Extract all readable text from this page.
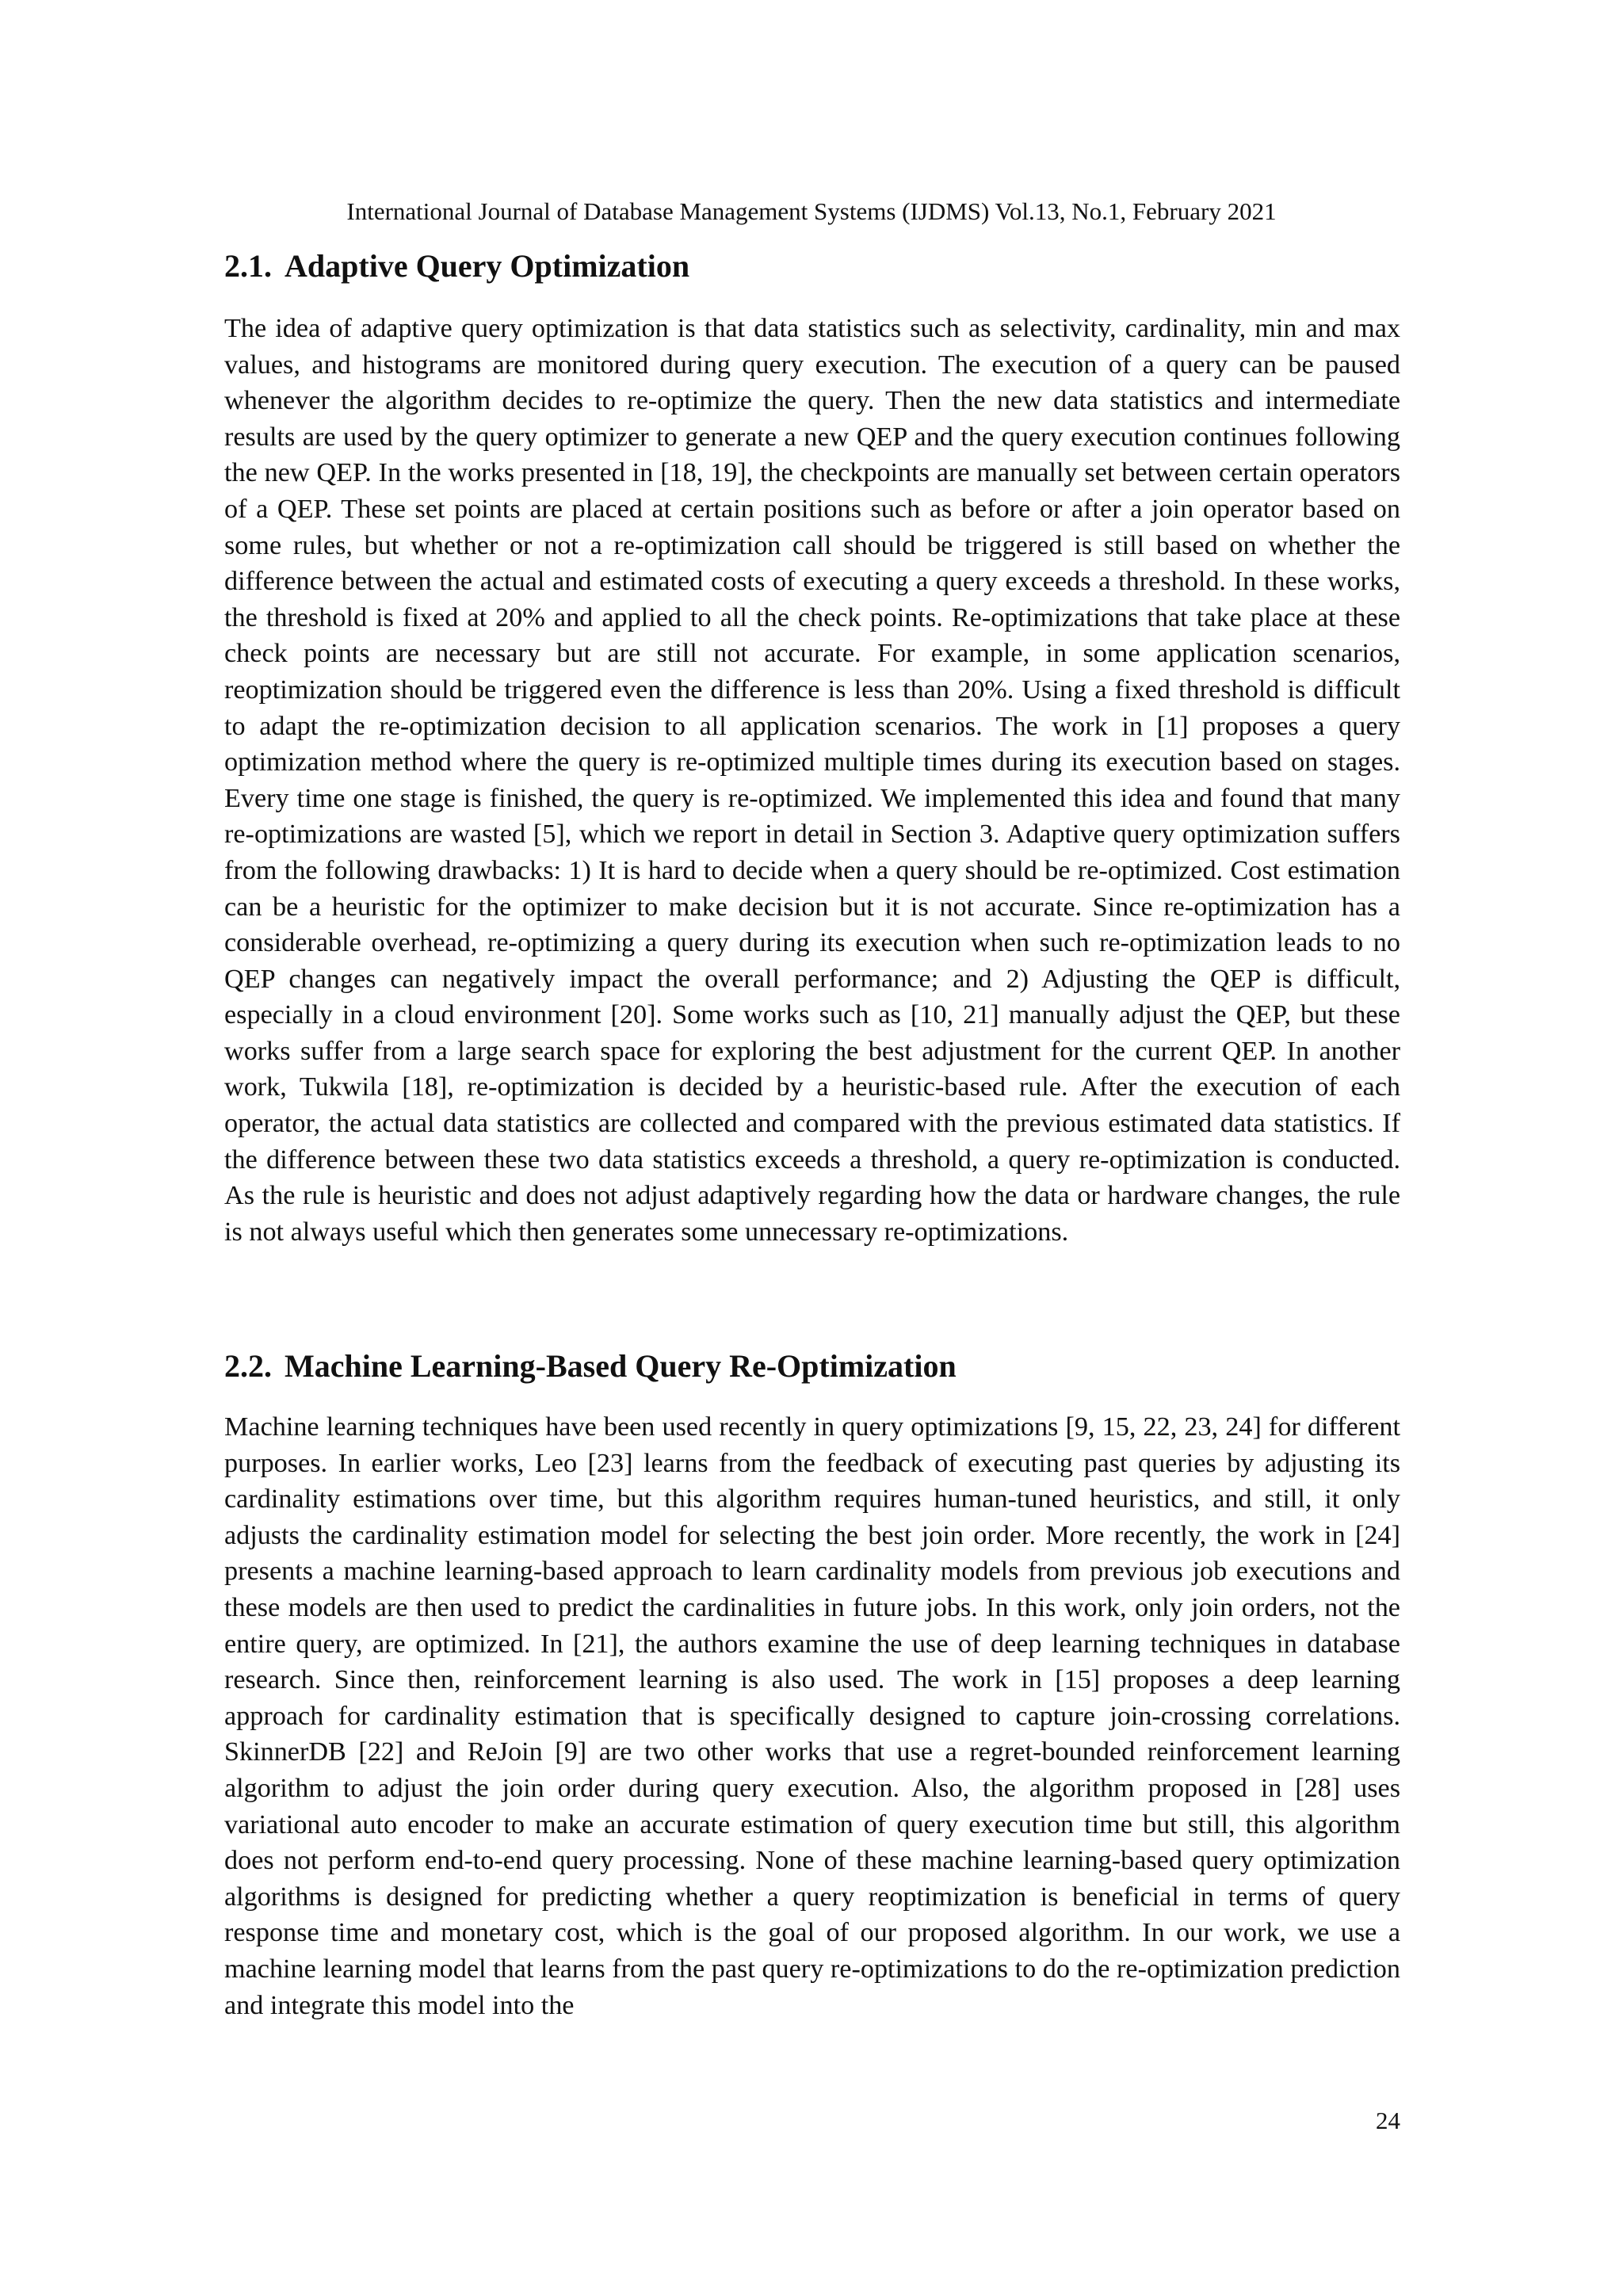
International Journal of Database Management Systems (IJDMS) Vol.13, No.1, February 2021
2.1. Adaptive Query Optimization

The idea of adaptive query optimization is that data statistics such as selectivity, cardinality, min and max values, and histograms are monitored during query execution. The execution of a query can be paused whenever the algorithm decides to re-optimize the query. Then the new data statistics and intermediate results are used by the query optimizer to generate a new QEP and the query execution continues following the new QEP. In the works presented in [18, 19], the checkpoints are manually set between certain operators of a QEP. These set points are placed at certain positions such as before or after a join operator based on some rules, but whether or not a re-optimization call should be triggered is still based on whether the difference between the actual and estimated costs of executing a query exceeds a threshold. In these works, the threshold is fixed at 20% and applied to all the check points. Re-optimizations that take place at these check points are necessary but are still not accurate. For example, in some application scenarios, reoptimization should be triggered even the difference is less than 20%. Using a fixed threshold is difficult to adapt the re-optimization decision to all application scenarios. The work in [1] proposes a query optimization method where the query is re-optimized multiple times during its execution based on stages. Every time one stage is finished, the query is re-optimized. We implemented this idea and found that many re-optimizations are wasted [5], which we report in detail in Section 3. Adaptive query optimization suffers from the following drawbacks: 1) It is hard to decide when a query should be re-optimized. Cost estimation can be a heuristic for the optimizer to make decision but it is not accurate. Since re-optimization has a considerable overhead, re-optimizing a query during its execution when such re-optimization leads to no QEP changes can negatively impact the overall performance; and 2) Adjusting the QEP is difficult, especially in a cloud environment [20]. Some works such as [10, 21] manually adjust the QEP, but these works suffer from a large search space for exploring the best adjustment for the current QEP. In another work, Tukwila [18], re-optimization is decided by a heuristic-based rule. After the execution of each operator, the actual data statistics are collected and compared with the previous estimated data statistics. If the difference between these two data statistics exceeds a threshold, a query re-optimization is conducted. As the rule is heuristic and does not adjust adaptively regarding how the data or hardware changes, the rule is not always useful which then generates some unnecessary re-optimizations.

2.2. Machine Learning-Based Query Re-Optimization

Machine learning techniques have been used recently in query optimizations [9, 15, 22, 23, 24] for different purposes. In earlier works, Leo [23] learns from the feedback of executing past queries by adjusting its cardinality estimations over time, but this algorithm requires human-tuned heuristics, and still, it only adjusts the cardinality estimation model for selecting the best join order. More recently, the work in [24] presents a machine learning-based approach to learn cardinality models from previous job executions and these models are then used to predict the cardinalities in future jobs. In this work, only join orders, not the entire query, are optimized. In [21], the authors examine the use of deep learning techniques in database research. Since then, reinforcement learning is also used. The work in [15] proposes a deep learning approach for cardinality estimation that is specifically designed to capture join-crossing correlations. SkinnerDB [22] and ReJoin [9] are two other works that use a regret-bounded reinforcement learning algorithm to adjust the join order during query execution. Also, the algorithm proposed in [28] uses variational auto encoder to make an accurate estimation of query execution time but still, this algorithm does not perform end-to-end query processing. None of these machine learning-based query optimization algorithms is designed for predicting whether a query reoptimization is beneficial in terms of query response time and monetary cost, which is the goal of our proposed algorithm. In our work, we use a machine learning model that learns from the past query re-optimizations to do the re-optimization prediction and integrate this model into the

24
